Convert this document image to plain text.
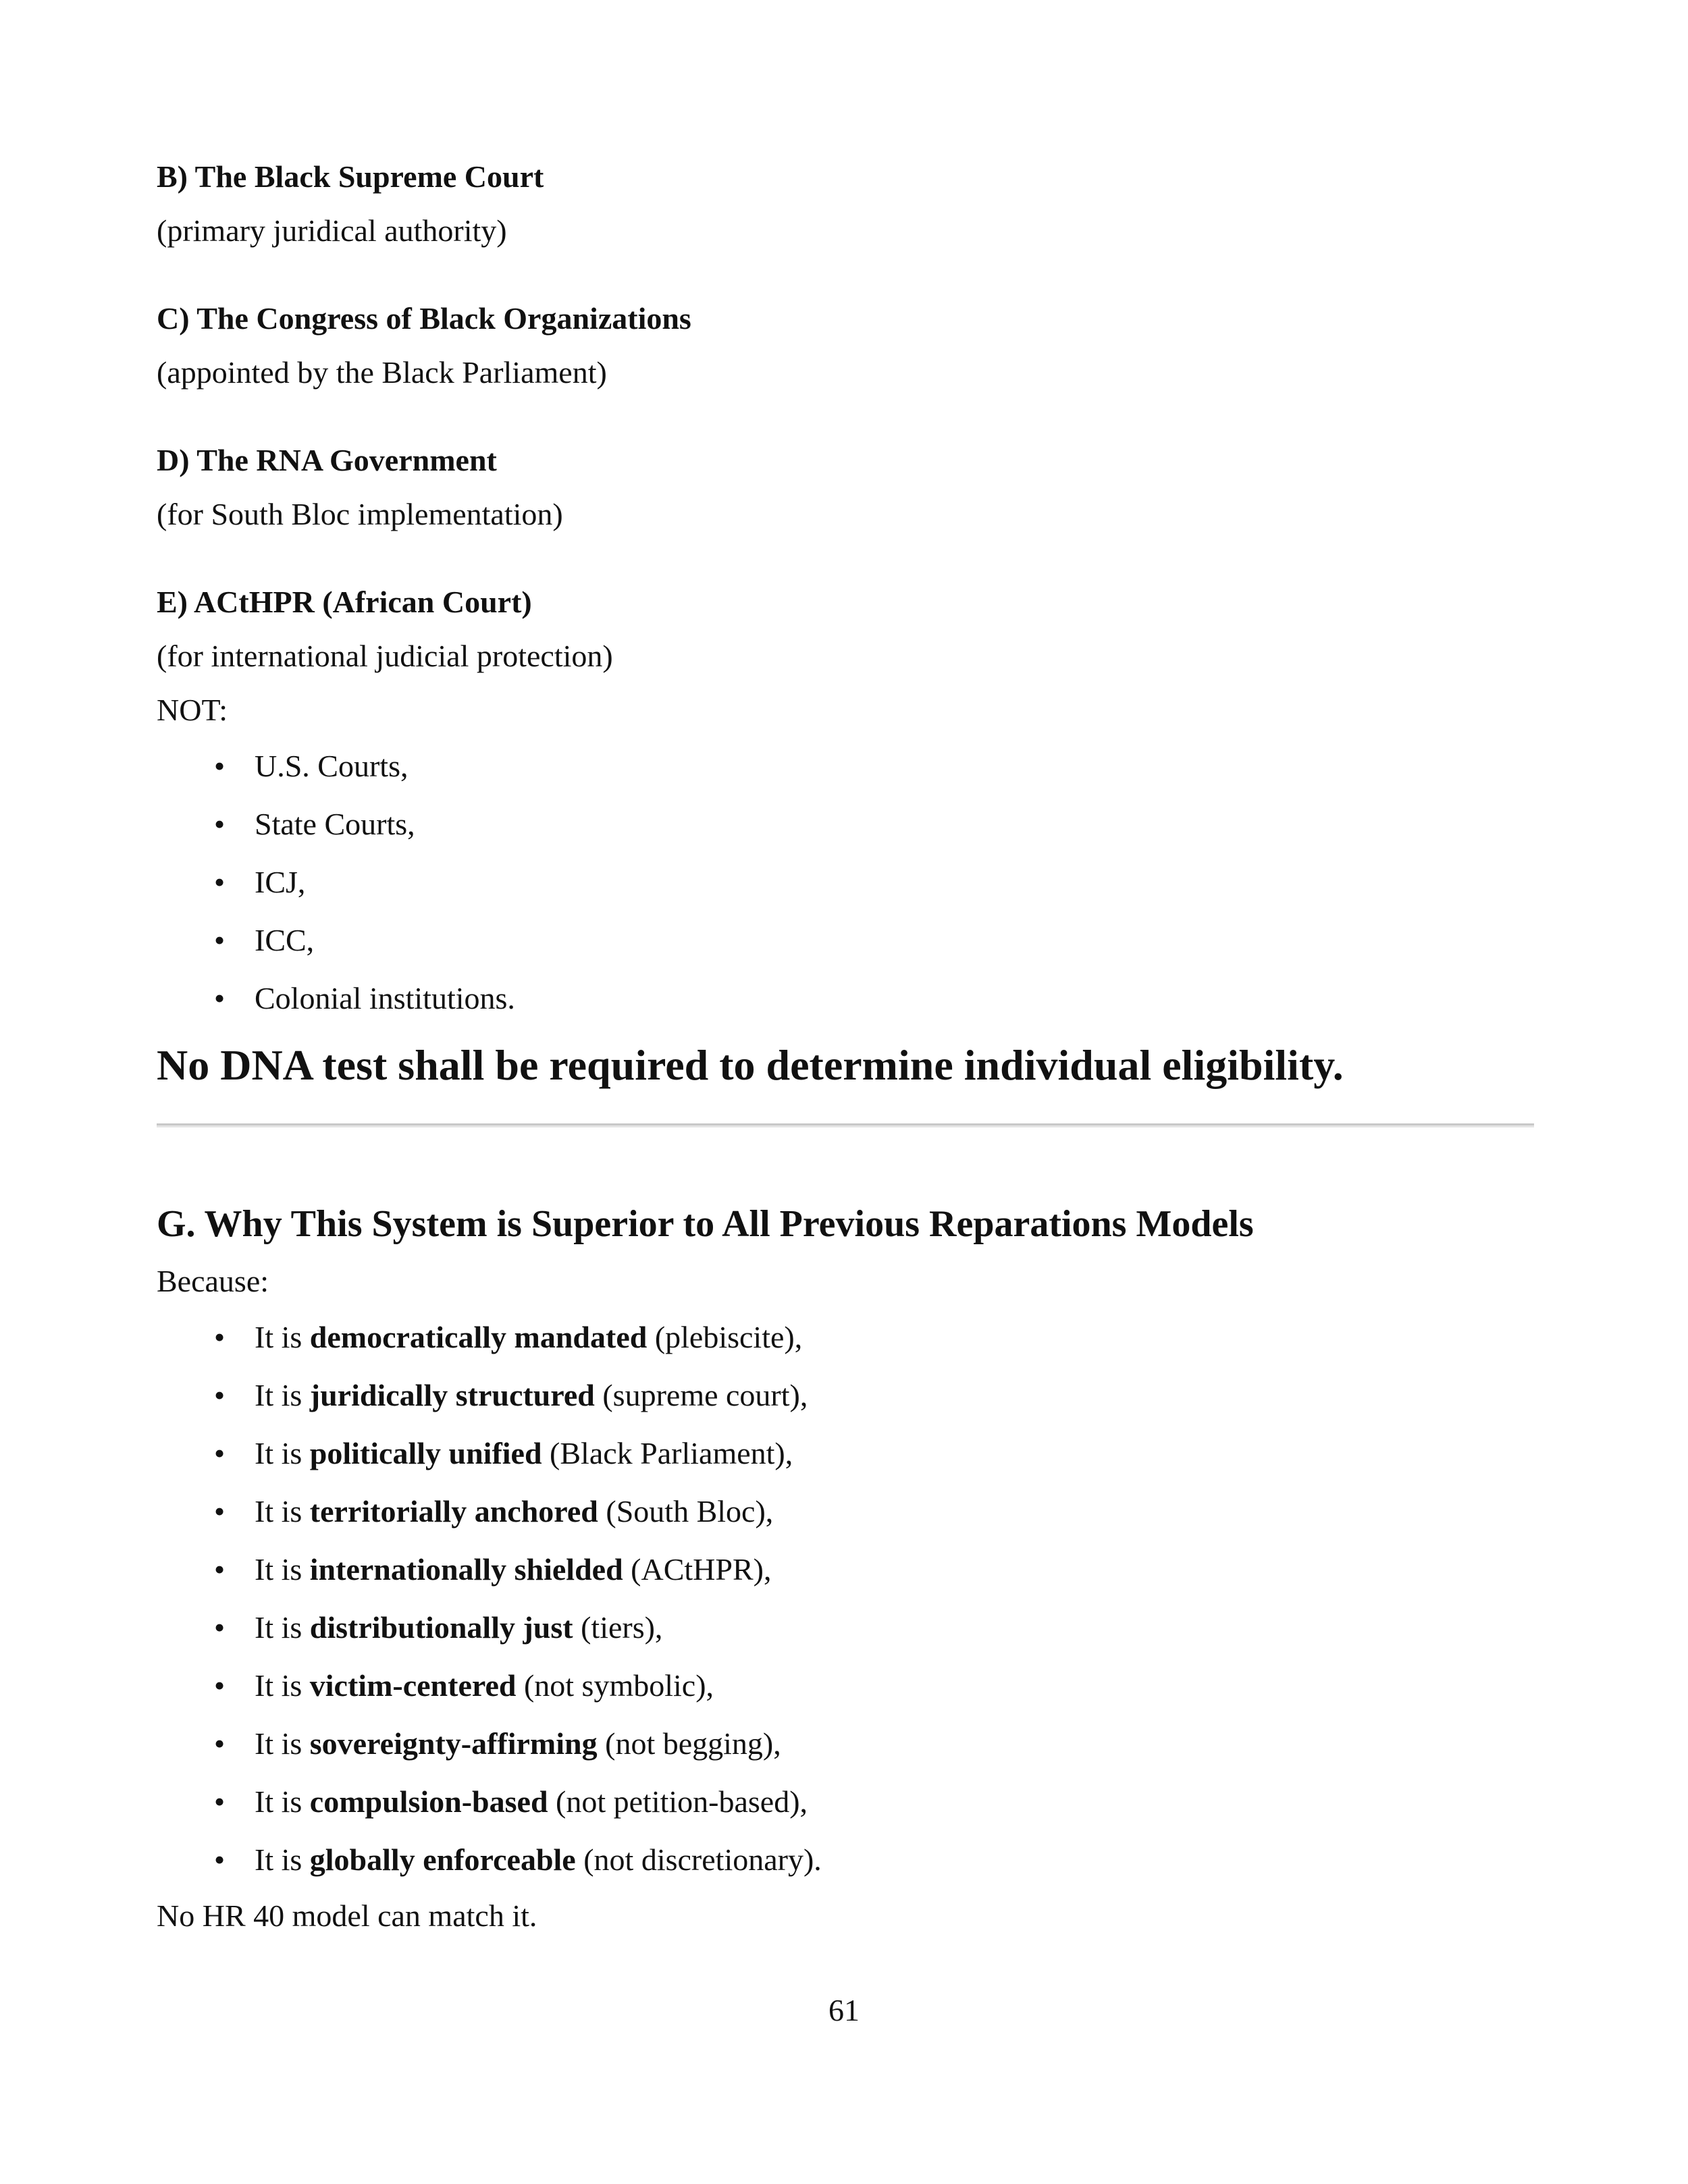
B) The Black Supreme Court

(primary juridical authority)

C) The Congress of Black Organizations

(appointed by the Black Parliament)

D) The RNA Government

(for South Bloc implementation)

E) ACtHPR (African Court)

(for international judicial protection)

NOT:

• U.S. Courts,
• State Courts,
• ICJ,
• ICC,
• Colonial institutions.

No DNA test shall be required to determine individual eligibility.

G. Why This System is Superior to All Previous Reparations Models

Because:

• It is democratically mandated (plebiscite),
• It is juridically structured (supreme court),
• It is politically unified (Black Parliament),
• It is territorially anchored (South Bloc),
• It is internationally shielded (ACtHPR),
• It is distributionally just (tiers),
• It is victim-centered (not symbolic),
• It is sovereignty-affirming (not begging),
• It is compulsion-based (not petition-based),
• It is globally enforceable (not discretionary).

No HR 40 model can match it.

61
